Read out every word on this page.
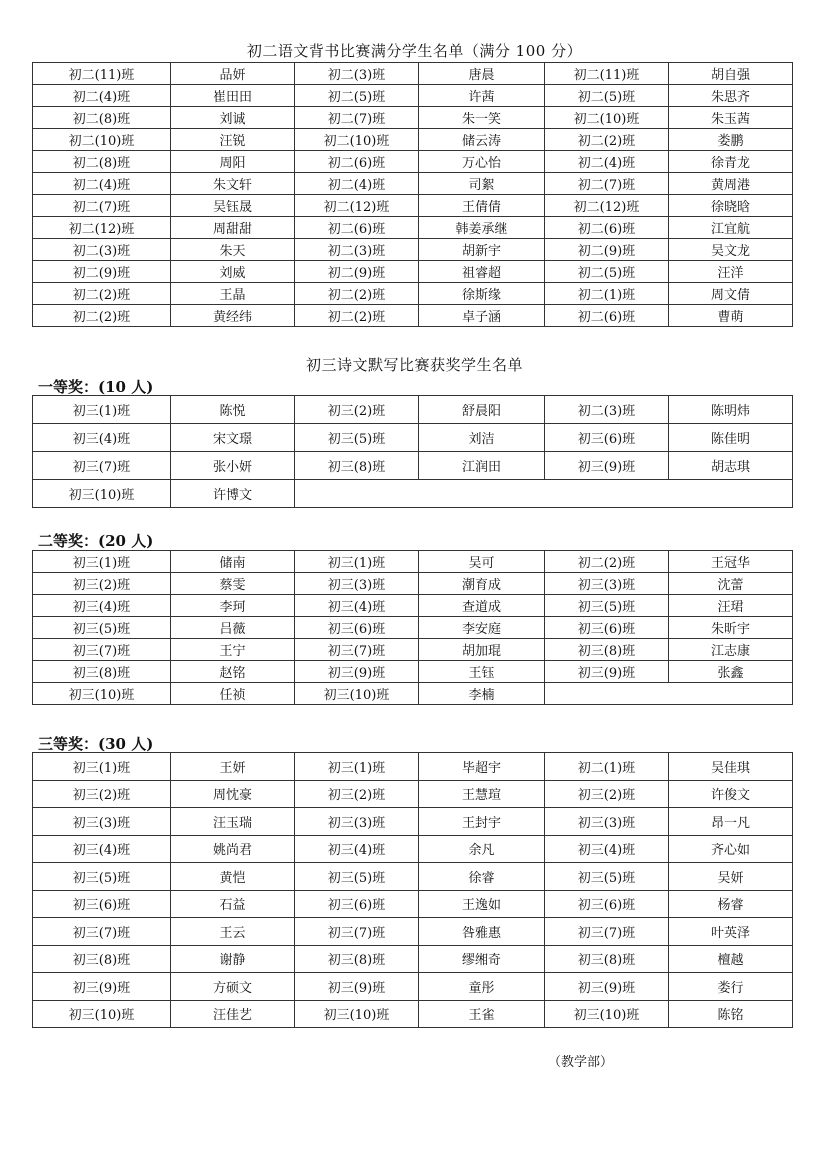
初二语文背书比赛满分学生名单（满分 100 分）
初二(11)班	品妍	初二(3)班	唐晨	初二(11)班	胡自强
初二(4)班	崔田田	初二(5)班	许茜	初二(5)班	朱思齐
初二(8)班	刘诚	初二(7)班	朱一笑	初二(10)班	朱玉茜
初二(10)班	汪锐	初二(10)班	储云涛	初二(2)班	娄鹏
初二(8)班	周阳	初二(6)班	万心怡	初二(4)班	徐青龙
初二(4)班	朱文轩	初二(4)班	司絮	初二(7)班	黄周港
初二(7)班	吴钰晟	初二(12)班	王倩倩	初二(12)班	徐晓晗
初二(12)班	周甜甜	初二(6)班	韩姜承继	初二(6)班	江宜航
初二(3)班	朱天	初二(3)班	胡新宇	初二(9)班	吴文龙
初二(9)班	刘威	初二(9)班	祖睿超	初二(5)班	汪洋
初二(2)班	王晶	初二(2)班	徐斯缘	初二(1)班	周文倩
初二(2)班	黄经纬	初二(2)班	卓子涵	初二(6)班	曹萌
初三诗文默写比赛获奖学生名单
一等奖：(10 人)
初三(1)班	陈悦	初三(2)班	舒晨阳	初二(3)班	陈明炜
初三(4)班	宋文璟	初三(5)班	刘洁	初三(6)班	陈佳明
初三(7)班	张小妍	初三(8)班	江润田	初三(9)班	胡志琪
初三(10)班	许博文				
二等奖：(20 人)
初三(1)班	储南	初三(1)班	吴可	初二(2)班	王冠华
初三(2)班	蔡雯	初三(3)班	潮育成	初三(3)班	沈蕾
初三(4)班	李珂	初三(4)班	查道成	初三(5)班	汪珺
初三(5)班	吕薇	初三(6)班	李安庭	初三(6)班	朱昕宇
初三(7)班	王宁	初三(7)班	胡加琨	初三(8)班	江志康
初三(8)班	赵铭	初三(9)班	王钰	初三(9)班	张鑫
初三(10)班	任祯	初三(10)班	李楠		
三等奖：(30 人)
初三(1)班	王妍	初三(1)班	毕超宇	初二(1)班	吴佳琪
初三(2)班	周忱豪	初三(2)班	王慧瑄	初三(2)班	许俊文
初三(3)班	汪玉瑞	初三(3)班	王封宇	初三(3)班	昂一凡
初三(4)班	姚尚君	初三(4)班	余凡	初三(4)班	齐心如
初三(5)班	黄恺	初三(5)班	徐睿	初三(5)班	吴妍
初三(6)班	石益	初三(6)班	王逸如	初三(6)班	杨睿
初三(7)班	王云	初三(7)班	咎雅惠	初三(7)班	叶英泽
初三(8)班	谢静	初三(8)班	缪缃奇	初三(8)班	檀越
初三(9)班	方硕文	初三(9)班	童彤	初三(9)班	娄行
初三(10)班	汪佳艺	初三(10)班	王雀	初三(10)班	陈铭
（教学部）
